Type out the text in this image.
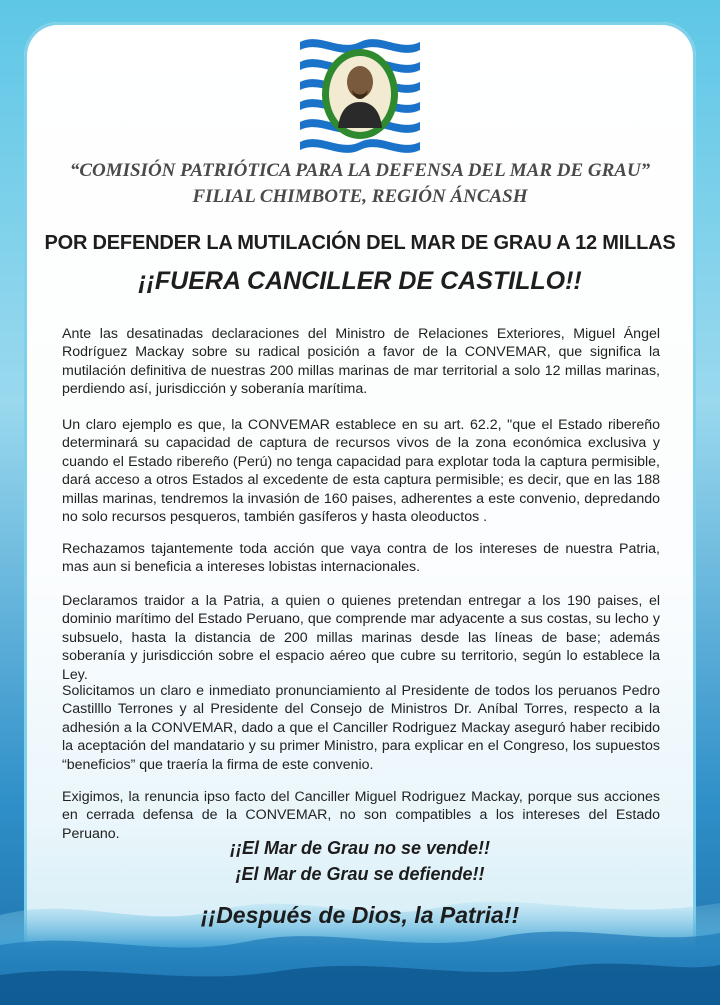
“COMISIÓN PATRIÓTICA PARA LA DEFENSA DEL MAR DE GRAU”
FILIAL CHIMBOTE, REGIÓN ÁNCASH
POR DEFENDER LA MUTILACIÓN DEL MAR DE GRAU A 12 MILLAS
¡¡FUERA CANCILLER DE CASTILLO!!
Ante las desatinadas declaraciones del Ministro de Relaciones Exteriores, Miguel Ángel Rodríguez Mackay sobre su radical posición a favor de la CONVEMAR, que significa la mutilación definitiva de nuestras 200 millas marinas de mar territorial a solo 12 millas marinas, perdiendo así, jurisdicción y soberanía marítima.
Un claro ejemplo es que, la CONVEMAR establece en su art. 62.2, "que el Estado ribereño determinará su capacidad de captura de recursos vivos de la zona económica exclusiva y cuando el Estado ribereño (Perú) no tenga capacidad para explotar toda la captura permisible, dará acceso a otros Estados al excedente de esta captura permisible; es decir, que en las 188 millas marinas, tendremos la invasión de 160 paises, adherentes a este convenio, depredando no solo recursos pesqueros, también gasíferos y hasta oleoductos .
Rechazamos tajantemente toda acción que vaya contra de los intereses de nuestra Patria, mas aun si beneficia a intereses lobistas internacionales.
Declaramos traidor a la Patria, a quien o quienes pretendan entregar a los 190 paises, el dominio marítimo del Estado Peruano, que comprende mar adyacente a sus costas, su lecho y subsuelo, hasta la distancia de 200 millas marinas desde las líneas de base; además soberanía y jurisdicción sobre el espacio aéreo que cubre su territorio, según lo establece la Ley.
Solicitamos un claro e inmediato pronunciamiento al Presidente de todos los peruanos Pedro Castilllo Terrones y al Presidente del Consejo de Ministros Dr. Aníbal Torres, respecto a la adhesión a la CONVEMAR, dado a que el Canciller Rodriguez Mackay aseguró haber recibido la aceptación del mandatario y su primer Ministro, para explicar en el Congreso, los supuestos “beneficios” que traería la firma de este convenio.
Exigimos, la renuncia ipso facto del Canciller Miguel Rodriguez Mackay, porque sus acciones en cerrada defensa de la CONVEMAR, no son compatibles a los intereses del Estado Peruano.
¡¡El Mar de Grau no se vende!!
¡El Mar de Grau se defiende!!
¡¡Después de Dios, la Patria!!
